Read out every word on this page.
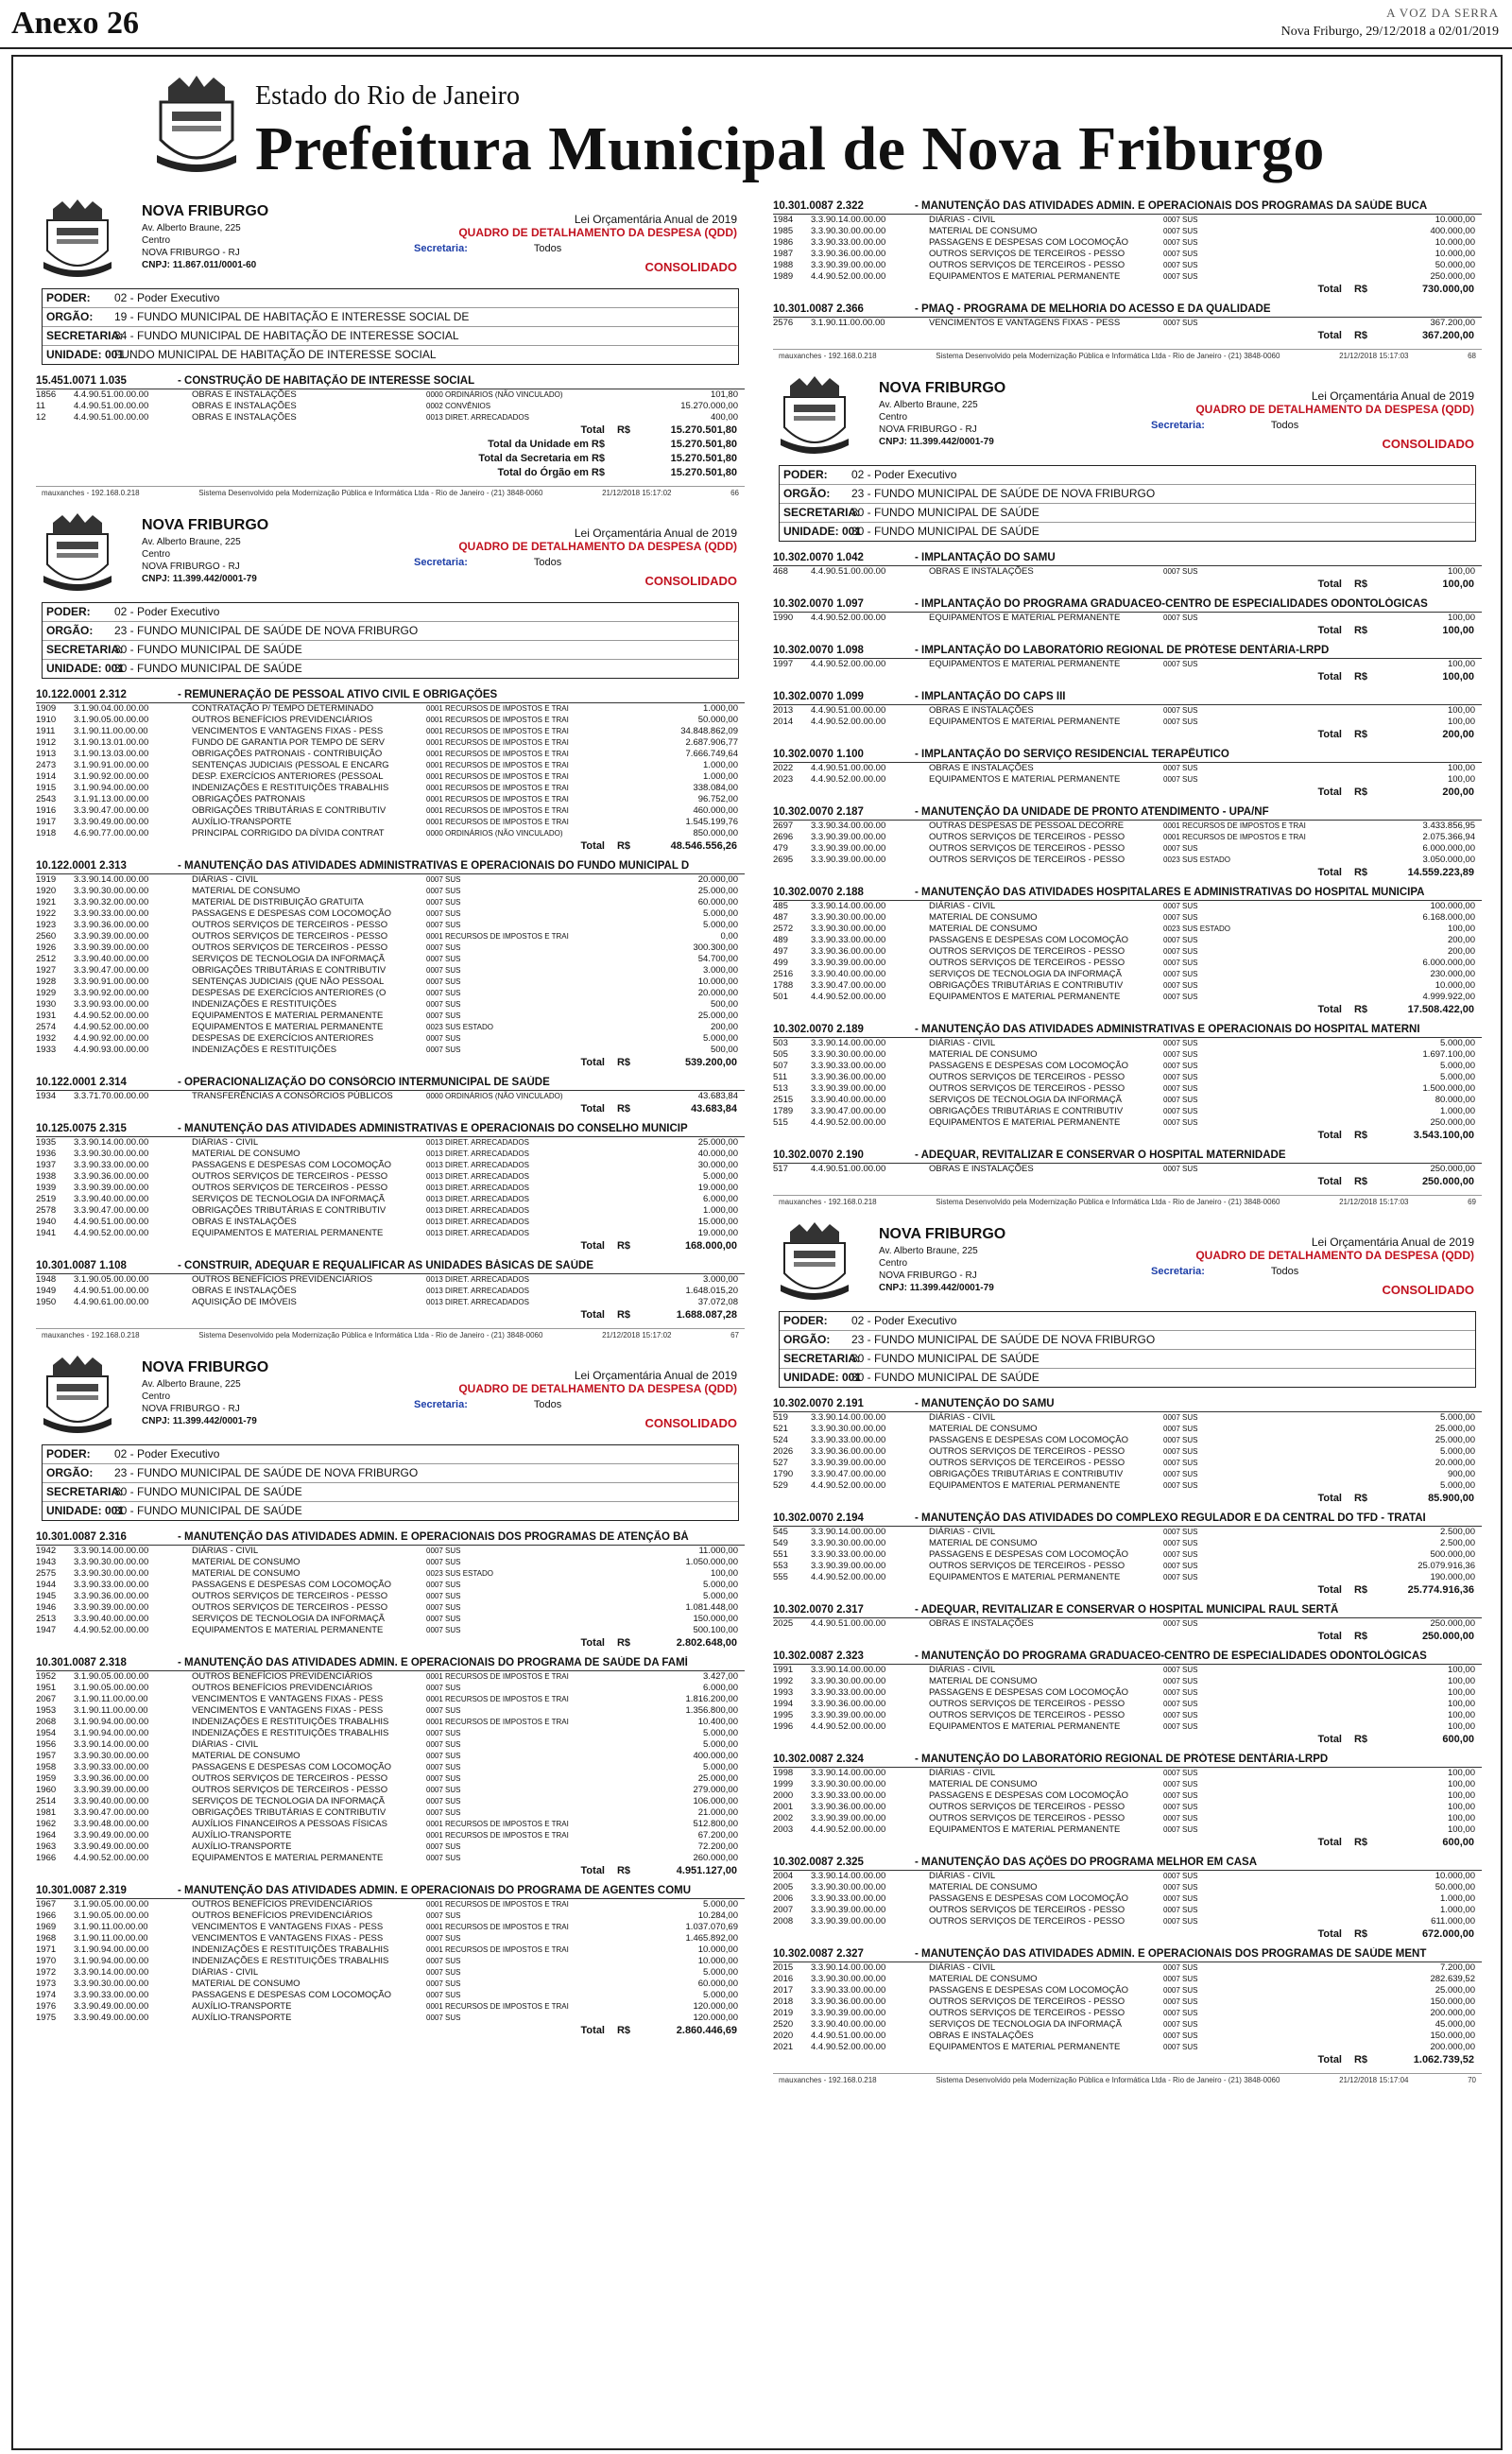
Anexo 26	A VOZ DA SERRA
Nova Friburgo, 29/12/2018 a 02/01/2019
Estado do Rio de Janeiro
Prefeitura Municipal de Nova Friburgo
NOVA FRIBURGO
Av. Alberto Braune, 225
Centro
NOVA FRIBURGO - RJ
CNPJ: 11.867.011/0001-60
Lei Orçamentária Anual de 2019
QUADRO DE DETALHAMENTO DA DESPESA (QDD)
Secretaria:	Todos
CONSOLIDADO
PODER: 02 - Poder Executivo
ORGÃO: 19 - FUNDO MUNICIPAL DE HABITAÇÃO E INTERESSE SOCIAL DE
SECRETARIA:34 - FUNDO MUNICIPAL DE HABITAÇÃO DE INTERESSE SOCIAL
UNIDADE: 001FUNDO MUNICIPAL DE HABITAÇÃO DE INTERESSE SOCIAL
15.451.0071 1.035	- CONSTRUÇÃO DE HABITAÇÃO DE INTERESSE SOCIAL
1856	4.4.90.51.00.00.00	OBRAS E INSTALAÇÕES	0000 ORDINÁRIOS (NÃO VINCULADO)	101,80
11	4.4.90.51.00.00.00	OBRAS E INSTALAÇÕES	0002 CONVÊNIOS	15.270.000,00
12	4.4.90.51.00.00.00	OBRAS E INSTALAÇÕES	0013 DIRET. ARRECADADOS	400,00
Total R$	15.270.501,80
Total da Unidade em R$	15.270.501,80
Total da Secretaria em R$	15.270.501,80
Total do Órgão em R$	15.270.501,80
mauxanches - 192.168.0.218	Sistema Desenvolvido pela Modernização Pública e Informática Ltda - Rio de Janeiro - (21) 3848-0060	21/12/2018 15:17:02	66
NOVA FRIBURGO
Av. Alberto Braune, 225
Centro
NOVA FRIBURGO - RJ
CNPJ: 11.399.442/0001-79
Lei Orçamentária Anual de 2019
QUADRO DE DETALHAMENTO DA DESPESA (QDD)
Secretaria:	Todos
CONSOLIDADO
PODER: 02 - Poder Executivo
ORGÃO: 23 - FUNDO MUNICIPAL DE SAÚDE DE NOVA FRIBURGO
SECRETARIA:30 - FUNDO MUNICIPAL DE SAÚDE
UNIDADE: 00130 - FUNDO MUNICIPAL DE SAÚDE
10.122.0001 2.312	- REMUNERAÇÃO DE PESSOAL ATIVO CIVIL E OBRIGAÇÕES
1909	3.1.90.04.00.00.00	CONTRATAÇÃO P/ TEMPO DETERMINADO	0001 RECURSOS DE IMPOSTOS E TRAI	1.000,00
1910	3.1.90.05.00.00.00	OUTROS BENEFÍCIOS PREVIDENCIÁRIOS	0001 RECURSOS DE IMPOSTOS E TRAI	50.000,00
1911	3.1.90.11.00.00.00	VENCIMENTOS E VANTAGENS FIXAS - PESS	0001 RECURSOS DE IMPOSTOS E TRAI	34.848.862,09
1912	3.1.90.13.01.00.00	FUNDO DE GARANTIA POR TEMPO DE SERV	0001 RECURSOS DE IMPOSTOS E TRAI	2.687.906,77
1913	3.1.90.13.03.00.00	OBRIGAÇÕES PATRONAIS - CONTRIBUIÇÃO	0001 RECURSOS DE IMPOSTOS E TRAI	7.666.749,64
2473	3.1.90.91.00.00.00	SENTENÇAS JUDICIAIS (PESSOAL E ENCARG	0001 RECURSOS DE IMPOSTOS E TRAI	1.000,00
1914	3.1.90.92.00.00.00	DESP. EXERCÍCIOS ANTERIORES (PESSOAL	0001 RECURSOS DE IMPOSTOS E TRAI	1.000,00
1915	3.1.90.94.00.00.00	INDENIZAÇÕES E RESTITUIÇÕES TRABALHIS	0001 RECURSOS DE IMPOSTOS E TRAI	338.084,00
2543	3.1.91.13.00.00.00	OBRIGAÇÕES PATRONAIS	0001 RECURSOS DE IMPOSTOS E TRAI	96.752,00
1916	3.3.90.47.00.00.00	OBRIGAÇÕES TRIBUTÁRIAS E CONTRIBUTIV	0001 RECURSOS DE IMPOSTOS E TRAI	460.000,00
1917	3.3.90.49.00.00.00	AUXÍLIO-TRANSPORTE	0001 RECURSOS DE IMPOSTOS E TRAI	1.545.199,76
1918	4.6.90.77.00.00.00	PRINCIPAL CORRIGIDO DA DÍVIDA CONTRAT	0000 ORDINÁRIOS (NÃO VINCULADO)	850.000,00
Total R$	48.546.556,26
10.122.0001 2.313	- MANUTENÇÃO DAS ATIVIDADES ADMINISTRATIVAS E OPERACIONAIS DO FUNDO MUNICIPAL D
1919	3.3.90.14.00.00.00	DIÁRIAS - CIVIL	0007 SUS	20.000,00
1920	3.3.90.30.00.00.00	MATERIAL DE CONSUMO	0007 SUS	25.000,00
1921	3.3.90.32.00.00.00	MATERIAL DE DISTRIBUIÇÃO GRATUITA	0007 SUS	60.000,00
1922	3.3.90.33.00.00.00	PASSAGENS E DESPESAS COM LOCOMOÇÃO	0007 SUS	5.000,00
1923	3.3.90.36.00.00.00	OUTROS SERVIÇOS DE TERCEIROS - PESSO	0007 SUS	5.000,00
2560	3.3.90.39.00.00.00	OUTROS SERVIÇOS DE TERCEIROS - PESSO	0001 RECURSOS DE IMPOSTOS E TRAI	0,00
1926	3.3.90.39.00.00.00	OUTROS SERVIÇOS DE TERCEIROS - PESSO	0007 SUS	300.300,00
2512	3.3.90.40.00.00.00	SERVIÇOS DE TECNOLOGIA DA INFORMAÇÃ	0007 SUS	54.700,00
1927	3.3.90.47.00.00.00	OBRIGAÇÕES TRIBUTÁRIAS E CONTRIBUTIV	0007 SUS	3.000,00
1928	3.3.90.91.00.00.00	SENTENÇAS JUDICIAIS (QUE NÃO PESSOAL	0007 SUS	10.000,00
1929	3.3.90.92.00.00.00	DESPESAS DE EXERCÍCIOS ANTERIORES (O	0007 SUS	20.000,00
1930	3.3.90.93.00.00.00	INDENIZAÇÕES E RESTITUIÇÕES	0007 SUS	500,00
1931	4.4.90.52.00.00.00	EQUIPAMENTOS E MATERIAL PERMANENTE	0007 SUS	25.000,00
2574	4.4.90.52.00.00.00	EQUIPAMENTOS E MATERIAL PERMANENTE	0023 SUS ESTADO	200,00
1932	4.4.90.92.00.00.00	DESPESAS DE EXERCÍCIOS ANTERIORES	0007 SUS	5.000,00
1933	4.4.90.93.00.00.00	INDENIZAÇÕES E RESTITUIÇÕES	0007 SUS	500,00
Total R$	539.200,00
10.122.0001 2.314	- OPERACIONALIZAÇÃO DO CONSÓRCIO INTERMUNICIPAL DE SAÚDE
1934	3.3.71.70.00.00.00	TRANSFERÊNCIAS A CONSÓRCIOS PÚBLICOS	0000 ORDINÁRIOS (NÃO VINCULADO)	43.683,84
Total R$	43.683,84
10.125.0075 2.315	- MANUTENÇÃO DAS ATIVIDADES ADMINISTRATIVAS E OPERACIONAIS DO CONSELHO MUNICIP
1935	3.3.90.14.00.00.00	DIÁRIAS - CIVIL	0013 DIRET. ARRECADADOS	25.000,00
1936	3.3.90.30.00.00.00	MATERIAL DE CONSUMO	0013 DIRET. ARRECADADOS	40.000,00
1937	3.3.90.33.00.00.00	PASSAGENS E DESPESAS COM LOCOMOÇÃO	0013 DIRET. ARRECADADOS	30.000,00
1938	3.3.90.36.00.00.00	OUTROS SERVIÇOS DE TERCEIROS - PESSO	0013 DIRET. ARRECADADOS	5.000,00
1939	3.3.90.39.00.00.00	OUTROS SERVIÇOS DE TERCEIROS - PESSO	0013 DIRET. ARRECADADOS	19.000,00
2519	3.3.90.40.00.00.00	SERVIÇOS DE TECNOLOGIA DA INFORMAÇÃ	0013 DIRET. ARRECADADOS	6.000,00
2578	3.3.90.47.00.00.00	OBRIGAÇÕES TRIBUTÁRIAS E CONTRIBUTIV	0013 DIRET. ARRECADADOS	1.000,00
1940	4.4.90.51.00.00.00	OBRAS E INSTALAÇÕES	0013 DIRET. ARRECADADOS	15.000,00
1941	4.4.90.52.00.00.00	EQUIPAMENTOS E MATERIAL PERMANENTE	0013 DIRET. ARRECADADOS	19.000,00
Total R$	168.000,00
10.301.0087 1.108	- CONSTRUIR, ADEQUAR E REQUALIFICAR AS UNIDADES BÁSICAS DE SAÚDE
1948	3.1.90.05.00.00.00	OUTROS BENEFÍCIOS PREVIDENCIÁRIOS	0013 DIRET. ARRECADADOS	3.000,00
1949	4.4.90.51.00.00.00	OBRAS E INSTALAÇÕES	0013 DIRET. ARRECADADOS	1.648.015,20
1950	4.4.90.61.00.00.00	AQUISIÇÃO DE IMÓVEIS	0013 DIRET. ARRECADADOS	37.072,08
Total R$	1.688.087,28
mauxanches - 192.168.0.218	Sistema Desenvolvido pela Modernização Pública e Informática Ltda - Rio de Janeiro - (21) 3848-0060	21/12/2018 15:17:02	67
NOVA FRIBURGO
Av. Alberto Braune, 225
Centro
NOVA FRIBURGO - RJ
CNPJ: 11.399.442/0001-79
Lei Orçamentária Anual de 2019
QUADRO DE DETALHAMENTO DA DESPESA (QDD)
Secretaria:	Todos
CONSOLIDADO
PODER: 02 - Poder Executivo
ORGÃO: 23 - FUNDO MUNICIPAL DE SAÚDE DE NOVA FRIBURGO
SECRETARIA:30 - FUNDO MUNICIPAL DE SAÚDE
UNIDADE: 00130 - FUNDO MUNICIPAL DE SAÚDE
10.301.0087 2.316	- MANUTENÇÃO DAS ATIVIDADES ADMIN. E OPERACIONAIS DOS PROGRAMAS DE ATENÇÃO BÁ
1942	3.3.90.14.00.00.00	DIÁRIAS - CIVIL	0007 SUS	11.000,00
1943	3.3.90.30.00.00.00	MATERIAL DE CONSUMO	0007 SUS	1.050.000,00
2575	3.3.90.30.00.00.00	MATERIAL DE CONSUMO	0023 SUS ESTADO	100,00
1944	3.3.90.33.00.00.00	PASSAGENS E DESPESAS COM LOCOMOÇÃO	0007 SUS	5.000,00
1945	3.3.90.36.00.00.00	OUTROS SERVIÇOS DE TERCEIROS - PESSO	0007 SUS	5.000,00
1946	3.3.90.39.00.00.00	OUTROS SERVIÇOS DE TERCEIROS - PESSO	0007 SUS	1.081.448,00
2513	3.3.90.40.00.00.00	SERVIÇOS DE TECNOLOGIA DA INFORMAÇÃ	0007 SUS	150.000,00
1947	4.4.90.52.00.00.00	EQUIPAMENTOS E MATERIAL PERMANENTE	0007 SUS	500.100,00
Total R$	2.802.648,00
10.301.0087 2.318	- MANUTENÇÃO DAS ATIVIDADES ADMIN. E OPERACIONAIS DO PROGRAMA DE SAÚDE DA FAMÍ
1952	3.1.90.05.00.00.00	OUTROS BENEFÍCIOS PREVIDENCIÁRIOS	0001 RECURSOS DE IMPOSTOS E TRAI	3.427,00
1951	3.1.90.05.00.00.00	OUTROS BENEFÍCIOS PREVIDENCIÁRIOS	0007 SUS	6.000,00
2067	3.1.90.11.00.00.00	VENCIMENTOS E VANTAGENS FIXAS - PESS	0001 RECURSOS DE IMPOSTOS E TRAI	1.816.200,00
1953	3.1.90.11.00.00.00	VENCIMENTOS E VANTAGENS FIXAS - PESS	0007 SUS	1.356.800,00
2068	3.1.90.94.00.00.00	INDENIZAÇÕES E RESTITUIÇÕES TRABALHIS	0001 RECURSOS DE IMPOSTOS E TRAI	10.400,00
1954	3.1.90.94.00.00.00	INDENIZAÇÕES E RESTITUIÇÕES TRABALHIS	0007 SUS	5.000,00
1956	3.3.90.14.00.00.00	DIÁRIAS - CIVIL	0007 SUS	5.000,00
1957	3.3.90.30.00.00.00	MATERIAL DE CONSUMO	0007 SUS	400.000,00
1958	3.3.90.33.00.00.00	PASSAGENS E DESPESAS COM LOCOMOÇÃO	0007 SUS	5.000,00
1959	3.3.90.36.00.00.00	OUTROS SERVIÇOS DE TERCEIROS - PESSO	0007 SUS	25.000,00
1960	3.3.90.39.00.00.00	OUTROS SERVIÇOS DE TERCEIROS - PESSO	0007 SUS	279.000,00
2514	3.3.90.40.00.00.00	SERVIÇOS DE TECNOLOGIA DA INFORMAÇÃ	0007 SUS	106.000,00
1981	3.3.90.47.00.00.00	OBRIGAÇÕES TRIBUTÁRIAS E CONTRIBUTIV	0007 SUS	21.000,00
1962	3.3.90.48.00.00.00	AUXÍLIOS FINANCEIROS A PESSOAS FÍSICAS	0001 RECURSOS DE IMPOSTOS E TRAI	512.800,00
1964	3.3.90.49.00.00.00	AUXÍLIO-TRANSPORTE	0001 RECURSOS DE IMPOSTOS E TRAI	67.200,00
1963	3.3.90.49.00.00.00	AUXÍLIO-TRANSPORTE	0007 SUS	72.200,00
1966	4.4.90.52.00.00.00	EQUIPAMENTOS E MATERIAL PERMANENTE	0007 SUS	260.000,00
Total R$	4.951.127,00
10.301.0087 2.319	- MANUTENÇÃO DAS ATIVIDADES ADMIN. E OPERACIONAIS DO PROGRAMA DE AGENTES COMU
1967	3.1.90.05.00.00.00	OUTROS BENEFÍCIOS PREVIDENCIÁRIOS	0001 RECURSOS DE IMPOSTOS E TRAI	5.000,00
1966	3.1.90.05.00.00.00	OUTROS BENEFÍCIOS PREVIDENCIÁRIOS	0007 SUS	10.284,00
1969	3.1.90.11.00.00.00	VENCIMENTOS E VANTAGENS FIXAS - PESS	0001 RECURSOS DE IMPOSTOS E TRAI	1.037.070,69
1968	3.1.90.11.00.00.00	VENCIMENTOS E VANTAGENS FIXAS - PESS	0007 SUS	1.465.892,00
1971	3.1.90.94.00.00.00	INDENIZAÇÕES E RESTITUIÇÕES TRABALHIS	0001 RECURSOS DE IMPOSTOS E TRAI	10.000,00
1970	3.1.90.94.00.00.00	INDENIZAÇÕES E RESTITUIÇÕES TRABALHIS	0007 SUS	10.000,00
1972	3.3.90.14.00.00.00	DIÁRIAS - CIVIL	0007 SUS	5.000,00
1973	3.3.90.30.00.00.00	MATERIAL DE CONSUMO	0007 SUS	60.000,00
1974	3.3.90.33.00.00.00	PASSAGENS E DESPESAS COM LOCOMOÇÃO	0007 SUS	5.000,00
1976	3.3.90.49.00.00.00	AUXÍLIO-TRANSPORTE	0001 RECURSOS DE IMPOSTOS E TRAI	120.000,00
1975	3.3.90.49.00.00.00	AUXÍLIO-TRANSPORTE	0007 SUS	120.000,00
Total R$	2.860.446,69
10.301.0087 2.322	- MANUTENÇÃO DAS ATIVIDADES ADMIN. E OPERACIONAIS DOS PROGRAMAS DA SAÚDE BUCA
1984	3.3.90.14.00.00.00	DIÁRIAS - CIVIL	0007 SUS	10.000,00
1985	3.3.90.30.00.00.00	MATERIAL DE CONSUMO	0007 SUS	400.000,00
1986	3.3.90.33.00.00.00	PASSAGENS E DESPESAS COM LOCOMOÇÃO	0007 SUS	10.000,00
1987	3.3.90.36.00.00.00	OUTROS SERVIÇOS DE TERCEIROS - PESSO	0007 SUS	10.000,00
1988	3.3.90.39.00.00.00	OUTROS SERVIÇOS DE TERCEIROS - PESSO	0007 SUS	50.000,00
1989	4.4.90.52.00.00.00	EQUIPAMENTOS E MATERIAL PERMANENTE	0007 SUS	250.000,00
Total R$	730.000,00
10.301.0087 2.366	- PMAQ - PROGRAMA DE MELHORIA DO ACESSO E DA QUALIDADE
2576	3.1.90.11.00.00.00	VENCIMENTOS E VANTAGENS FIXAS - PESS	0007 SUS	367.200,00
Total R$	367.200,00
mauxanches - 192.168.0.218	Sistema Desenvolvido pela Modernização Pública e Informática Ltda - Rio de Janeiro - (21) 3848-0060	21/12/2018 15:17:03	68
NOVA FRIBURGO
Av. Alberto Braune, 225
Centro
NOVA FRIBURGO - RJ
CNPJ: 11.399.442/0001-79
Lei Orçamentária Anual de 2019
QUADRO DE DETALHAMENTO DA DESPESA (QDD)
Secretaria:	Todos
CONSOLIDADO
PODER: 02 - Poder Executivo
ORGÃO: 23 - FUNDO MUNICIPAL DE SAÚDE DE NOVA FRIBURGO
SECRETARIA:30 - FUNDO MUNICIPAL DE SAÚDE
UNIDADE: 00130 - FUNDO MUNICIPAL DE SAÚDE
10.302.0070 1.042	- IMPLANTAÇÃO DO SAMU
468	4.4.90.51.00.00.00	OBRAS E INSTALAÇÕES	0007 SUS	100,00
Total R$	100,00
10.302.0070 1.097	- IMPLANTAÇÃO DO PROGRAMA GRADUACEO-CENTRO DE ESPECIALIDADES ODONTOLÓGICAS
1990	4.4.90.52.00.00.00	EQUIPAMENTOS E MATERIAL PERMANENTE	0007 SUS	100,00
Total R$	100,00
10.302.0070 1.098	- IMPLANTAÇÃO DO LABORATÓRIO REGIONAL DE PRÓTESE DENTÁRIA-LRPD
1997	4.4.90.52.00.00.00	EQUIPAMENTOS E MATERIAL PERMANENTE	0007 SUS	100,00
Total R$	100,00
10.302.0070 1.099	- IMPLANTAÇÃO DO CAPS III
2013	4.4.90.51.00.00.00	OBRAS E INSTALAÇÕES	0007 SUS	100,00
2014	4.4.90.52.00.00.00	EQUIPAMENTOS E MATERIAL PERMANENTE	0007 SUS	100,00
Total R$	200,00
10.302.0070 1.100	- IMPLANTAÇÃO DO SERVIÇO RESIDENCIAL TERAPÊUTICO
2022	4.4.90.51.00.00.00	OBRAS E INSTALAÇÕES	0007 SUS	100,00
2023	4.4.90.52.00.00.00	EQUIPAMENTOS E MATERIAL PERMANENTE	0007 SUS	100,00
Total R$	200,00
10.302.0070 2.187	- MANUTENÇÃO DA UNIDADE DE PRONTO ATENDIMENTO - UPA/NF
2697	3.3.90.34.00.00.00	OUTRAS DESPESAS DE PESSOAL DECORRE	0001 RECURSOS DE IMPOSTOS E TRAI	3.433.856,95
2696	3.3.90.39.00.00.00	OUTROS SERVIÇOS DE TERCEIROS - PESSO	0001 RECURSOS DE IMPOSTOS E TRAI	2.075.366,94
479	3.3.90.39.00.00.00	OUTROS SERVIÇOS DE TERCEIROS - PESSO	0007 SUS	6.000.000,00
2695	3.3.90.39.00.00.00	OUTROS SERVIÇOS DE TERCEIROS - PESSO	0023 SUS ESTADO	3.050.000,00
Total R$	14.559.223,89
10.302.0070 2.188	- MANUTENÇÃO DAS ATIVIDADES HOSPITALARES E ADMINISTRATIVAS DO HOSPITAL MUNICIPA
485	3.3.90.14.00.00.00	DIÁRIAS - CIVIL	0007 SUS	100.000,00
487	3.3.90.30.00.00.00	MATERIAL DE CONSUMO	0007 SUS	6.168.000,00
2572	3.3.90.30.00.00.00	MATERIAL DE CONSUMO	0023 SUS ESTADO	100,00
489	3.3.90.33.00.00.00	PASSAGENS E DESPESAS COM LOCOMOÇÃO	0007 SUS	200,00
497	3.3.90.36.00.00.00	OUTROS SERVIÇOS DE TERCEIROS - PESSO	0007 SUS	200,00
499	3.3.90.39.00.00.00	OUTROS SERVIÇOS DE TERCEIROS - PESSO	0007 SUS	6.000.000,00
2516	3.3.90.40.00.00.00	SERVIÇOS DE TECNOLOGIA DA INFORMAÇÃ	0007 SUS	230.000,00
1788	3.3.90.47.00.00.00	OBRIGAÇÕES TRIBUTÁRIAS E CONTRIBUTIV	0007 SUS	10.000,00
501	4.4.90.52.00.00.00	EQUIPAMENTOS E MATERIAL PERMANENTE	0007 SUS	4.999.922,00
Total R$	17.508.422,00
10.302.0070 2.189	- MANUTENÇÃO DAS ATIVIDADES ADMINISTRATIVAS E OPERACIONAIS DO HOSPITAL MATERNI
503	3.3.90.14.00.00.00	DIÁRIAS - CIVIL	0007 SUS	5.000,00
505	3.3.90.30.00.00.00	MATERIAL DE CONSUMO	0007 SUS	1.697.100,00
507	3.3.90.33.00.00.00	PASSAGENS E DESPESAS COM LOCOMOÇÃO	0007 SUS	5.000,00
511	3.3.90.36.00.00.00	OUTROS SERVIÇOS DE TERCEIROS - PESSO	0007 SUS	5.000,00
513	3.3.90.39.00.00.00	OUTROS SERVIÇOS DE TERCEIROS - PESSO	0007 SUS	1.500.000,00
2515	3.3.90.40.00.00.00	SERVIÇOS DE TECNOLOGIA DA INFORMAÇÃ	0007 SUS	80.000,00
1789	3.3.90.47.00.00.00	OBRIGAÇÕES TRIBUTÁRIAS E CONTRIBUTIV	0007 SUS	1.000,00
515	4.4.90.52.00.00.00	EQUIPAMENTOS E MATERIAL PERMANENTE	0007 SUS	250.000,00
Total R$	3.543.100,00
10.302.0070 2.190	- ADEQUAR, REVITALIZAR E CONSERVAR O HOSPITAL MATERNIDADE
517	4.4.90.51.00.00.00	OBRAS E INSTALAÇÕES	0007 SUS	250.000,00
Total R$	250.000,00
mauxanches - 192.168.0.218	Sistema Desenvolvido pela Modernização Pública e Informática Ltda - Rio de Janeiro - (21) 3848-0060	21/12/2018 15:17:03	69
NOVA FRIBURGO
Av. Alberto Braune, 225
Centro
NOVA FRIBURGO - RJ
CNPJ: 11.399.442/0001-79
Lei Orçamentária Anual de 2019
QUADRO DE DETALHAMENTO DA DESPESA (QDD)
Secretaria:	Todos
CONSOLIDADO
PODER: 02 - Poder Executivo
ORGÃO: 23 - FUNDO MUNICIPAL DE SAÚDE DE NOVA FRIBURGO
SECRETARIA:30 - FUNDO MUNICIPAL DE SAÚDE
UNIDADE: 00130 - FUNDO MUNICIPAL DE SAÚDE
10.302.0070 2.191	- MANUTENÇÃO DO SAMU
519	3.3.90.14.00.00.00	DIÁRIAS - CIVIL	0007 SUS	5.000,00
521	3.3.90.30.00.00.00	MATERIAL DE CONSUMO	0007 SUS	25.000,00
524	3.3.90.33.00.00.00	PASSAGENS E DESPESAS COM LOCOMOÇÃO	0007 SUS	25.000,00
2026	3.3.90.36.00.00.00	OUTROS SERVIÇOS DE TERCEIROS - PESSO	0007 SUS	5.000,00
527	3.3.90.39.00.00.00	OUTROS SERVIÇOS DE TERCEIROS - PESSO	0007 SUS	20.000,00
1790	3.3.90.47.00.00.00	OBRIGAÇÕES TRIBUTÁRIAS E CONTRIBUTIV	0007 SUS	900,00
529	4.4.90.52.00.00.00	EQUIPAMENTOS E MATERIAL PERMANENTE	0007 SUS	5.000,00
Total R$	85.900,00
10.302.0070 2.194	- MANUTENÇÃO DAS ATIVIDADES DO COMPLEXO REGULADOR E DA CENTRAL DO TFD - TRATAI
545	3.3.90.14.00.00.00	DIÁRIAS - CIVIL	0007 SUS	2.500,00
549	3.3.90.30.00.00.00	MATERIAL DE CONSUMO	0007 SUS	2.500,00
551	3.3.90.33.00.00.00	PASSAGENS E DESPESAS COM LOCOMOÇÃO	0007 SUS	500.000,00
553	3.3.90.39.00.00.00	OUTROS SERVIÇOS DE TERCEIROS - PESSO	0007 SUS	25.079.916,36
555	4.4.90.52.00.00.00	EQUIPAMENTOS E MATERIAL PERMANENTE	0007 SUS	190.000,00
Total R$	25.774.916,36
10.302.0070 2.317	- ADEQUAR, REVITALIZAR E CONSERVAR O HOSPITAL MUNICIPAL RAUL SERTÃ
2025	4.4.90.51.00.00.00	OBRAS E INSTALAÇÕES	0007 SUS	250.000,00
Total R$	250.000,00
10.302.0087 2.323	- MANUTENÇÃO DO PROGRAMA GRADUACEO-CENTRO DE ESPECIALIDADES ODONTOLÓGICAS
1991	3.3.90.14.00.00.00	DIÁRIAS - CIVIL	0007 SUS	100,00
1992	3.3.90.30.00.00.00	MATERIAL DE CONSUMO	0007 SUS	100,00
1993	3.3.90.33.00.00.00	PASSAGENS E DESPESAS COM LOCOMOÇÃO	0007 SUS	100,00
1994	3.3.90.36.00.00.00	OUTROS SERVIÇOS DE TERCEIROS - PESSO	0007 SUS	100,00
1995	3.3.90.39.00.00.00	OUTROS SERVIÇOS DE TERCEIROS - PESSO	0007 SUS	100,00
1996	4.4.90.52.00.00.00	EQUIPAMENTOS E MATERIAL PERMANENTE	0007 SUS	100,00
Total R$	600,00
10.302.0087 2.324	- MANUTENÇÃO DO LABORATÓRIO REGIONAL DE PRÓTESE DENTÁRIA-LRPD
1998	3.3.90.14.00.00.00	DIÁRIAS - CIVIL	0007 SUS	100,00
1999	3.3.90.30.00.00.00	MATERIAL DE CONSUMO	0007 SUS	100,00
2000	3.3.90.33.00.00.00	PASSAGENS E DESPESAS COM LOCOMOÇÃO	0007 SUS	100,00
2001	3.3.90.36.00.00.00	OUTROS SERVIÇOS DE TERCEIROS - PESSO	0007 SUS	100,00
2002	3.3.90.39.00.00.00	OUTROS SERVIÇOS DE TERCEIROS - PESSO	0007 SUS	100,00
2003	4.4.90.52.00.00.00	EQUIPAMENTOS E MATERIAL PERMANENTE	0007 SUS	100,00
Total R$	600,00
10.302.0087 2.325	- MANUTENÇÃO DAS AÇÕES DO PROGRAMA MELHOR EM CASA
2004	3.3.90.14.00.00.00	DIÁRIAS - CIVIL	0007 SUS	10.000,00
2005	3.3.90.30.00.00.00	MATERIAL DE CONSUMO	0007 SUS	50.000,00
2006	3.3.90.33.00.00.00	PASSAGENS E DESPESAS COM LOCOMOÇÃO	0007 SUS	1.000,00
2007	3.3.90.39.00.00.00	OUTROS SERVIÇOS DE TERCEIROS - PESSO	0007 SUS	1.000,00
2008	3.3.90.39.00.00.00	OUTROS SERVIÇOS DE TERCEIROS - PESSO	0007 SUS	611.000,00
Total R$	672.000,00
10.302.0087 2.327	- MANUTENÇÃO DAS ATIVIDADES ADMIN. E OPERACIONAIS DOS PROGRAMAS DE SAÚDE MENT
2015	3.3.90.14.00.00.00	DIÁRIAS - CIVIL	0007 SUS	7.200,00
2016	3.3.90.30.00.00.00	MATERIAL DE CONSUMO	0007 SUS	282.639,52
2017	3.3.90.33.00.00.00	PASSAGENS E DESPESAS COM LOCOMOÇÃO	0007 SUS	25.000,00
2018	3.3.90.36.00.00.00	OUTROS SERVIÇOS DE TERCEIROS - PESSO	0007 SUS	150.000,00
2019	3.3.90.39.00.00.00	OUTROS SERVIÇOS DE TERCEIROS - PESSO	0007 SUS	200.000,00
2520	3.3.90.40.00.00.00	SERVIÇOS DE TECNOLOGIA DA INFORMAÇÃ	0007 SUS	45.000,00
2020	4.4.90.51.00.00.00	OBRAS E INSTALAÇÕES	0007 SUS	150.000,00
2021	4.4.90.52.00.00.00	EQUIPAMENTOS E MATERIAL PERMANENTE	0007 SUS	200.000,00
Total R$	1.062.739,52
mauxanches - 192.168.0.218	Sistema Desenvolvido pela Modernização Pública e Informática Ltda - Rio de Janeiro - (21) 3848-0060	21/12/2018 15:17:04	70
